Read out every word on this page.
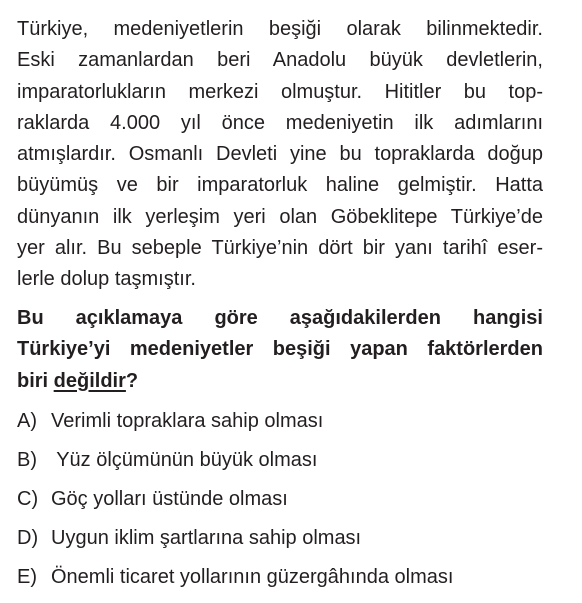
Türkiye, medeniyetlerin beşiği olarak bilinmektedir.
Eski zamanlardan beri Anadolu büyük devletlerin,
imparatorlukların merkezi olmuştur. Hititler bu top-
raklarda 4.000 yıl önce medeniyetin ilk adımlarını
atmışlardır. Osmanlı Devleti yine bu topraklarda doğup
büyümüş ve bir imparatorluk haline gelmiştir. Hatta
dünyanın ilk yerleşim yeri olan Göbeklitepe Türkiye’de
yer alır. Bu sebeple Türkiye’nin dört bir yanı tarihî eser-
lerle dolup taşmıştır.
Bu açıklamaya göre aşağıdakilerden hangisi
Türkiye’yi medeniyetler beşiği yapan faktörlerden
biri değildir?
A) Verimli topraklara sahip olması
B) Yüz ölçümünün büyük olması
C) Göç yolları üstünde olması
D) Uygun iklim şartlarına sahip olması
E) Önemli ticaret yollarının güzergâhında olması
